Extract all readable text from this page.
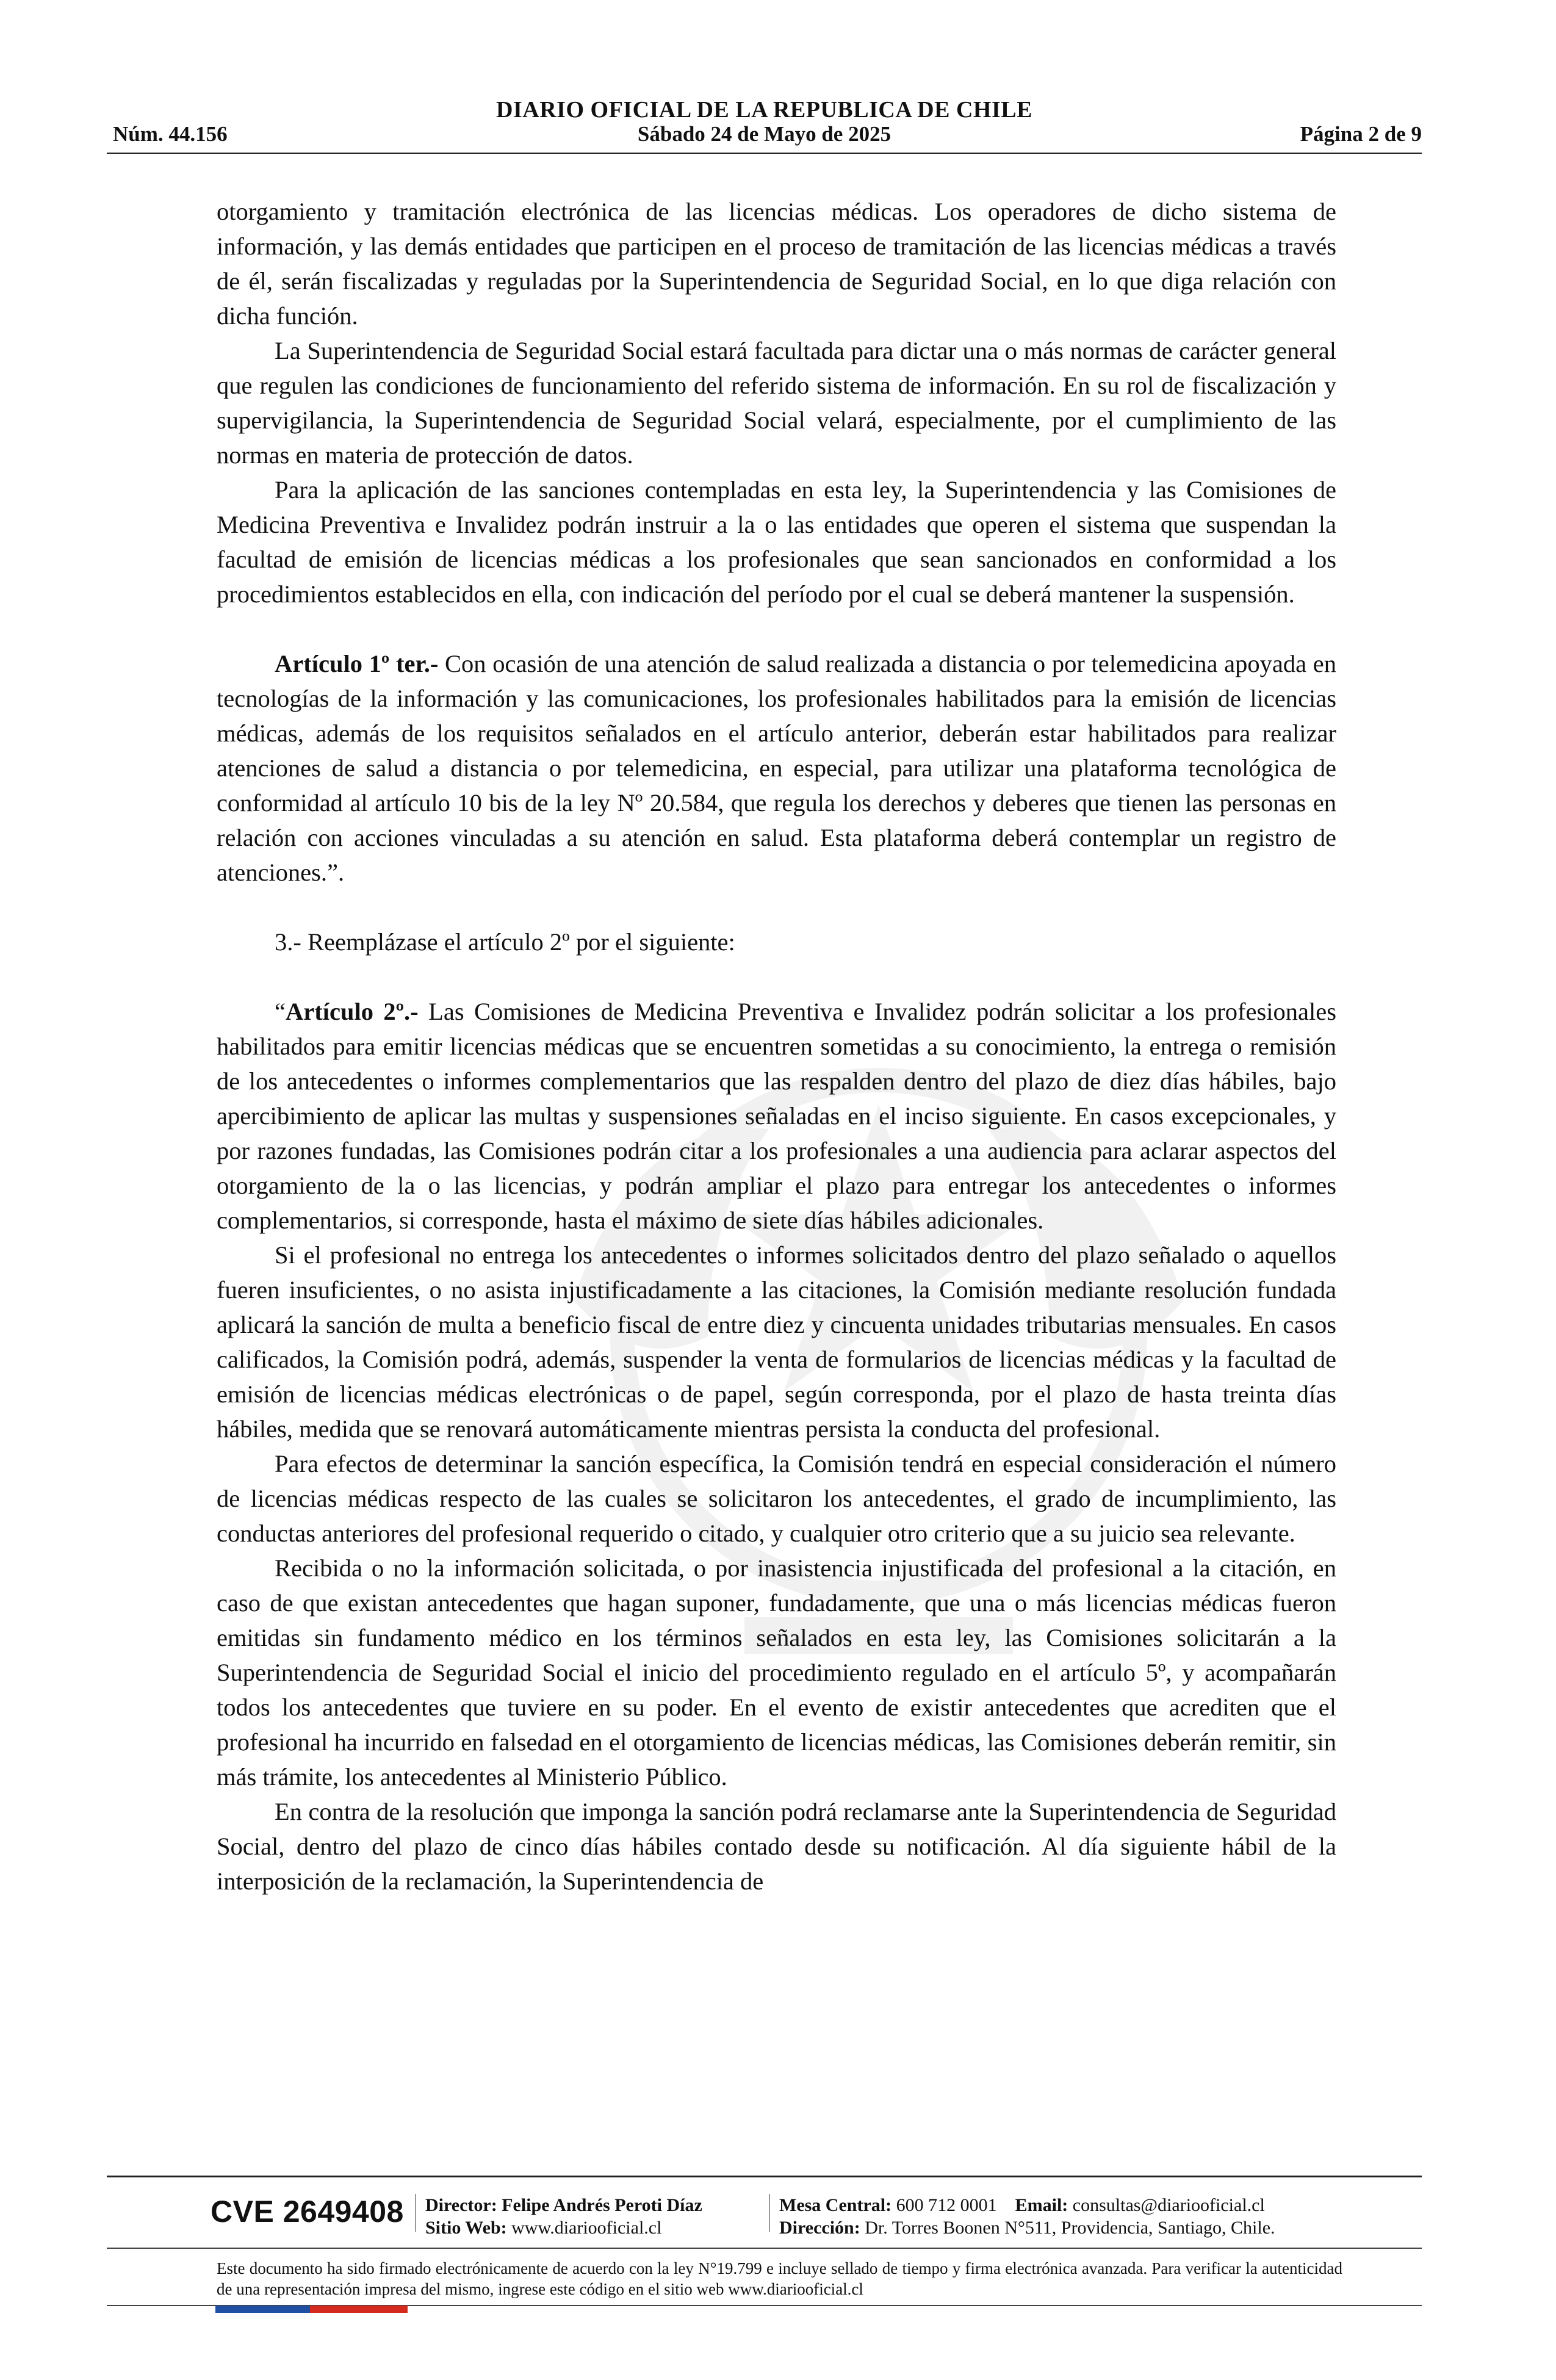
DIARIO OFICIAL DE LA REPUBLICA DE CHILE
Núm. 44.156	Sábado 24 de Mayo de 2025	Página 2 de 9

otorgamiento y tramitación electrónica de las licencias médicas. Los operadores de dicho sistema de información, y las demás entidades que participen en el proceso de tramitación de las licencias médicas a través de él, serán fiscalizadas y reguladas por la Superintendencia de Seguridad Social, en lo que diga relación con dicha función.

La Superintendencia de Seguridad Social estará facultada para dictar una o más normas de carácter general que regulen las condiciones de funcionamiento del referido sistema de información. En su rol de fiscalización y supervigilancia, la Superintendencia de Seguridad Social velará, especialmente, por el cumplimiento de las normas en materia de protección de datos.

Para la aplicación de las sanciones contempladas en esta ley, la Superintendencia y las Comisiones de Medicina Preventiva e Invalidez podrán instruir a la o las entidades que operen el sistema que suspendan la facultad de emisión de licencias médicas a los profesionales que sean sancionados en conformidad a los procedimientos establecidos en ella, con indicación del período por el cual se deberá mantener la suspensión.

Artículo 1º ter.- Con ocasión de una atención de salud realizada a distancia o por telemedicina apoyada en tecnologías de la información y las comunicaciones, los profesionales habilitados para la emisión de licencias médicas, además de los requisitos señalados en el artículo anterior, deberán estar habilitados para realizar atenciones de salud a distancia o por telemedicina, en especial, para utilizar una plataforma tecnológica de conformidad al artículo 10 bis de la ley Nº 20.584, que regula los derechos y deberes que tienen las personas en relación con acciones vinculadas a su atención en salud. Esta plataforma deberá contemplar un registro de atenciones.”.

3.- Reemplázase el artículo 2º por el siguiente:

“Artículo 2º.- Las Comisiones de Medicina Preventiva e Invalidez podrán solicitar a los profesionales habilitados para emitir licencias médicas que se encuentren sometidas a su conocimiento, la entrega o remisión de los antecedentes o informes complementarios que las respalden dentro del plazo de diez días hábiles, bajo apercibimiento de aplicar las multas y suspensiones señaladas en el inciso siguiente. En casos excepcionales, y por razones fundadas, las Comisiones podrán citar a los profesionales a una audiencia para aclarar aspectos del otorgamiento de la o las licencias, y podrán ampliar el plazo para entregar los antecedentes o informes complementarios, si corresponde, hasta el máximo de siete días hábiles adicionales.

Si el profesional no entrega los antecedentes o informes solicitados dentro del plazo señalado o aquellos fueren insuficientes, o no asista injustificadamente a las citaciones, la Comisión mediante resolución fundada aplicará la sanción de multa a beneficio fiscal de entre diez y cincuenta unidades tributarias mensuales. En casos calificados, la Comisión podrá, además, suspender la venta de formularios de licencias médicas y la facultad de emisión de licencias médicas electrónicas o de papel, según corresponda, por el plazo de hasta treinta días hábiles, medida que se renovará automáticamente mientras persista la conducta del profesional.

Para efectos de determinar la sanción específica, la Comisión tendrá en especial consideración el número de licencias médicas respecto de las cuales se solicitaron los antecedentes, el grado de incumplimiento, las conductas anteriores del profesional requerido o citado, y cualquier otro criterio que a su juicio sea relevante.

Recibida o no la información solicitada, o por inasistencia injustificada del profesional a la citación, en caso de que existan antecedentes que hagan suponer, fundadamente, que una o más licencias médicas fueron emitidas sin fundamento médico en los términos señalados en esta ley, las Comisiones solicitarán a la Superintendencia de Seguridad Social el inicio del procedimiento regulado en el artículo 5º, y acompañarán todos los antecedentes que tuviere en su poder. En el evento de existir antecedentes que acrediten que el profesional ha incurrido en falsedad en el otorgamiento de licencias médicas, las Comisiones deberán remitir, sin más trámite, los antecedentes al Ministerio Público.

En contra de la resolución que imponga la sanción podrá reclamarse ante la Superintendencia de Seguridad Social, dentro del plazo de cinco días hábiles contado desde su notificación. Al día siguiente hábil de la interposición de la reclamación, la Superintendencia de

CVE 2649408 Director: Felipe Andrés Peroti Díaz
Sitio Web: www.diariooficial.cl
Mesa Central: 600 712 0001 Email: consultas@diariooficial.cl
Dirección: Dr. Torres Boonen N°511, Providencia, Santiago, Chile.
Este documento ha sido firmado electrónicamente de acuerdo con la ley N°19.799 e incluye sellado de tiempo y firma electrónica avanzada. Para verificar la autenticidad de una representación impresa del mismo, ingrese este código en el sitio web www.diariooficial.cl
